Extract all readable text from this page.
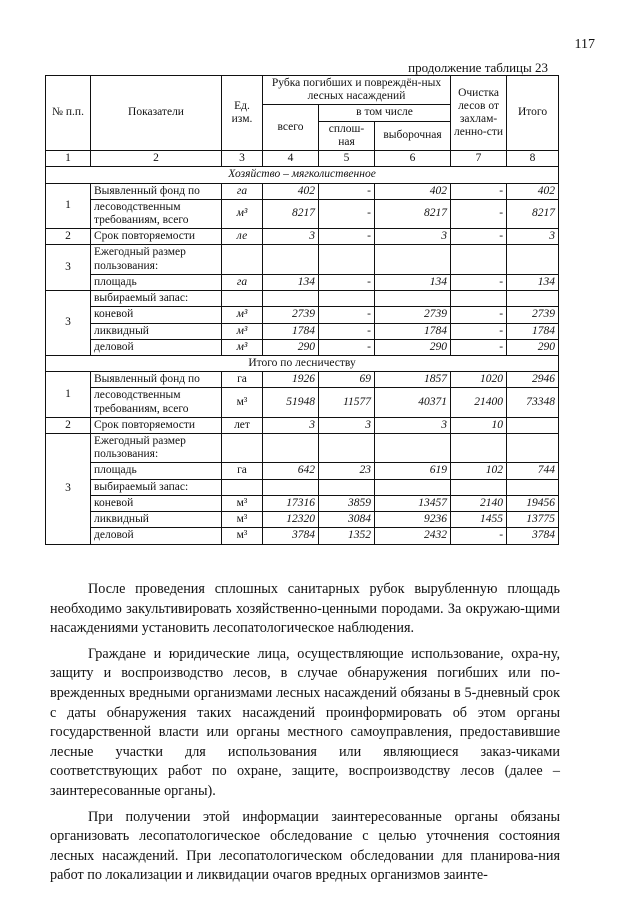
117
продолжение таблицы 23
№ п.п.	Показатели	Ед. изм.	Рубка погибших и повреждён-ных лесных насаждений			Очистка лесов от захлам-ленно-сти	Итого
			всего	в том числе			
				сплош-ная	выборочная		
1	2	3	4	5	6	7	8
Хозяйство – мягколиственное							
1	Выявленный фонд по	га	402	-	402	-	402
	лесоводственным требованиям, всего	м³	8217	-	8217	-	8217
2	Срок повторяемости	ле	3	-	3	-	3
3	Ежегодный размер пользования:						
	площадь	га	134	-	134	-	134
3	выбираемый запас:						
	коневой	м³	2739	-	2739	-	2739
	ликвидный	м³	1784	-	1784	-	1784
	деловой	м³	290	-	290	-	290
Итого по лесничеству							
1	Выявленный фонд по	га	1926	69	1857	1020	2946
	лесоводственным требованиям, всего	м³	51948	11577	40371	21400	73348
2	Срок повторяемости	лет	3	3	3	10	
3	Ежегодный размер пользования:						
	площадь	га	642	23	619	102	744
	выбираемый запас:						
	коневой	м³	17316	3859	13457	2140	19456
	ликвидный	м³	12320	3084	9236	1455	13775
	деловой	м³	3784	1352	2432	-	3784

После проведения сплошных санитарных рубок вырубленную площадь необходимо закультивировать хозяйственно-ценными породами. За окружаю-щими насаждениями установить лесопатологическое наблюдения.

Граждане и юридические лица, осуществляющие использование, охра-ну, защиту и воспроизводство лесов, в случае обнаружения погибших или по-врежденных вредными организмами лесных насаждений обязаны в 5-дневный срок с даты обнаружения таких насаждений проинформировать об этом органы государственной власти или органы местного самоуправления, предоставившие лесные участки для использования или являющиеся заказ-чиками соответствующих работ по охране, защите, воспроизводству лесов (далее – заинтересованные органы).

При получении этой информации заинтересованные органы обязаны организовать лесопатологическое обследование с целью уточнения состояния лесных насаждений. При лесопатологическом обследовании для планирова-ния работ по локализации и ликвидации очагов вредных организмов заинте-
